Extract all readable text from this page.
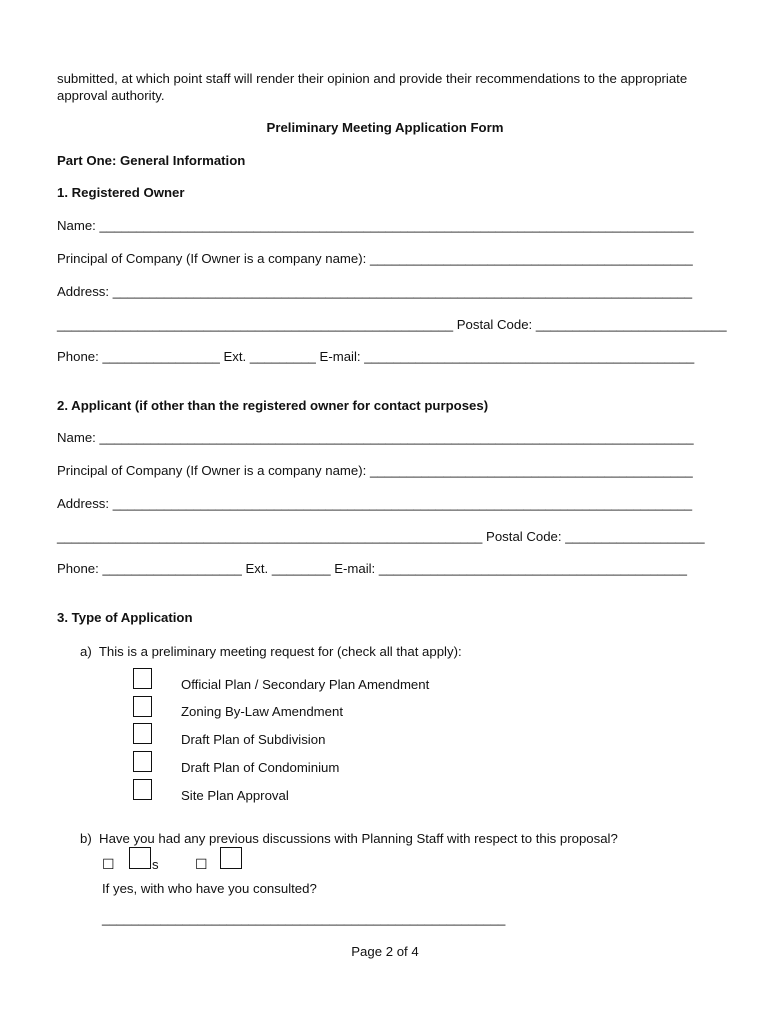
submitted, at which point staff will render their opinion and provide their recommendations to the appropriate
approval authority.
Preliminary Meeting Application Form
Part One: General Information
1. Registered Owner
Name: _________________________________________________________________________________
Principal of Company (If Owner is a company name): ____________________________________________
Address: _______________________________________________________________________________
______________________________________________________ Postal Code: __________________________
Phone: ________________ Ext. _________ E-mail: _____________________________________________
2. Applicant (if other than the registered owner for contact purposes)
Name: _________________________________________________________________________________
Principal of Company (If Owner is a company name): ____________________________________________
Address: _______________________________________________________________________________
__________________________________________________________ Postal Code: ___________________
Phone: ___________________ Ext. ________ E-mail: __________________________________________
3. Type of Application
a)  This is a preliminary meeting request for (check all that apply):
Official Plan / Secondary Plan Amendment
Zoning By-Law Amendment
Draft Plan of Subdivision
Draft Plan of Condominium
Site Plan Approval
b)  Have you had any previous discussions with Planning Staff with respect to this proposal?
☐	s	☐
If yes, with who have you consulted?
_______________________________________________________
Page 2 of 4
